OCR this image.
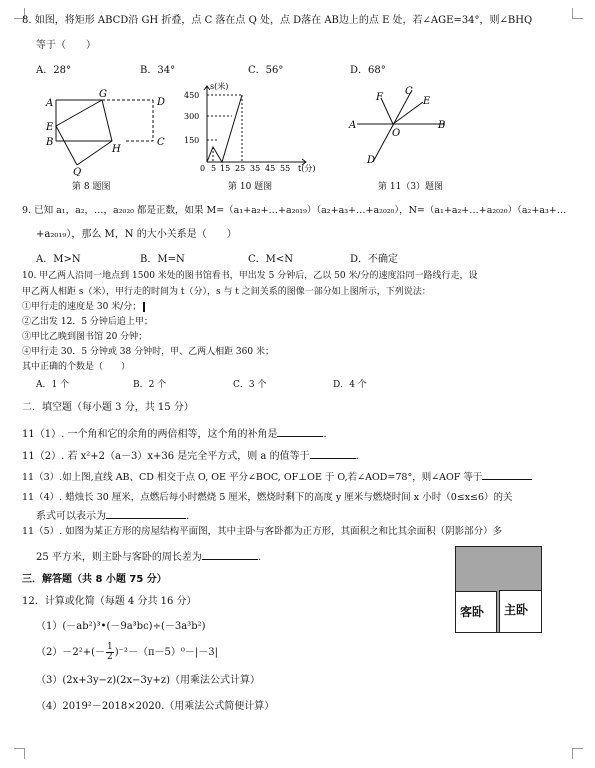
8. 如图，将矩形 ABCD沿 GH 折叠，点 C 落在点 Q 处，点 D落在 AB边上的点 E 处，若∠AGE=34°，则∠BHQ
等于（　　）
A．28°	B．34°	C．56°	D．68°
A
G
D
E
B
H
C
Q
第 8 题图
s(米)
450
300
150
0 5 15 25 35 45 55 t(分)
第 10 题图
F
C
E
A
O
B
D
第 11（3）题图
9. 已知 a₁，a₂，…，a₂₀₂₀ 都是正数，如果 M=（a₁+a₂+…+a₂₀₁₉）（a₂+a₃+…+a₂₀₂₀），N=（a₁+a₂+…+a₂₀₂₀）（a₂+a₃+…
+a₂₀₁₉），那么 M，N 的大小关系是（　　）
A．M>N	B．M=N	C．M<N	D．不确定
10. 甲乙两人沿同一地点到 1500 米处的图书馆看书，甲出发 5 分钟后，乙以 50 米/分的速度沿同一路线行走，设
甲乙两人相距 s（米），甲行走的时间为 t（分），s 与 t 之间关系的图像一部分如上图所示，下列说法：
①甲行走的速度是 30 米/分；
②乙出发 12．5 分钟后追上甲；
③甲比乙晚到图书馆 20 分钟；
④甲行走 30．5 分钟或 38 分钟时，甲、乙两人相距 360 米；
其中正确的个数是（　　）
A．1 个	B．2 个	C．3 个	D．4 个
二．填空题（每小题 3 分，共 15 分）
11（1）. 一个角和它的余角的两倍相等，这个角的补角是	.
11（2）. 若 x²+2（a－3）x+36 是完全平方式，则 a 的值等于	.
11（3）.如上图,直线 AB、CD 相交于点 O, OE 平分∠BOC, OF⊥OE 于 O,若∠AOD=78°，则∠AOF 等于
11（4）. 蜡烛长 30 厘米，点燃后每小时燃烧 5 厘米，燃烧时剩下的高度 y 厘米与燃烧时间 x 小时（0≤x≤6）的关
系式可以表示为	.
11（5）. 如图为某正方形的房屋结构平面图，其中主卧与客卧都为正方形，其面积之和比其余面积（阴影部分）多
25 平方米，则主卧与客卧的周长差为	.
客卧 主卧
三．解答题（共 8 小题 75 分）
12．计算或化简（每题 4 分共 16 分）
（1）(－ab²)³•(－9a³bc)÷(－3a³b²)
$(2)-2^2+(- \frac{1}{2} )^{-2}-(\pi-5)^0-|-3|$
（3）(2x+3y−z)(2x−3y+z)（用乘法公式计算）
（4）2019²－2018×2020.（用乘法公式简便计算）
